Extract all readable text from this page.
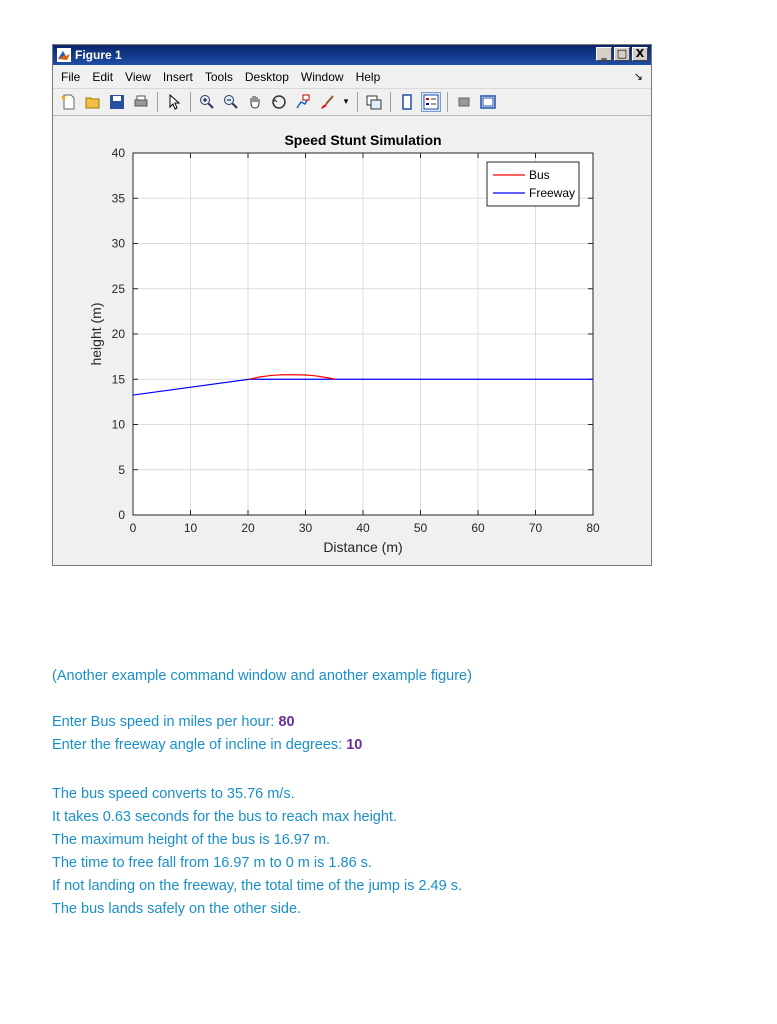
Figure 1	_ □ X
File	Edit	View	Insert	Tools	Desktop	Window	Help	↘
▾
0	10	20	30	40	50	60	70	80
0
5
10
15
20
25
30
35
40
Speed Stunt Simulation
Distance (m)
height (m)
Bus
Freeway
(Another example command window and another example figure)
Enter Bus speed in miles per hour: 80
Enter the freeway angle of incline in degrees: 10
The bus speed converts to 35.76 m/s.
It takes 0.63 seconds for the bus to reach max height.
The maximum height of the bus is 16.97 m.
The time to free fall from 16.97 m to 0 m is 1.86 s.
If not landing on the freeway, the total time of the jump is 2.49 s.
The bus lands safely on the other side.
